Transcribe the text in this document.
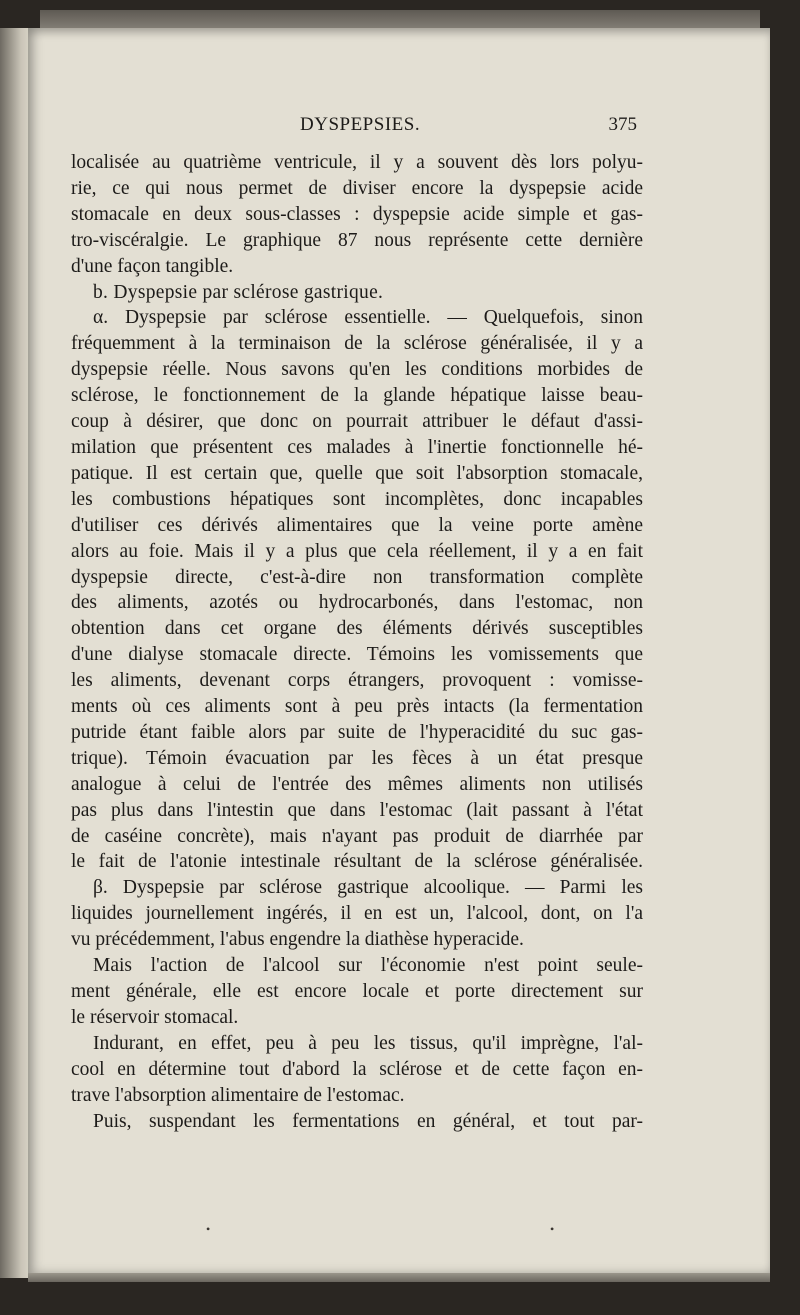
DYSPEPSIES.	375
localisée au quatrième ventricule, il y a souvent dès lors polyu-
rie, ce qui nous permet de diviser encore la dyspepsie acide
stomacale en deux sous-classes : dyspepsie acide simple et gas-
tro-viscéralgie. Le graphique 87 nous représente cette dernière
d'une façon tangible.
b. Dyspepsie par sclérose gastrique.
α. Dyspepsie par sclérose essentielle. — Quelquefois, sinon
fréquemment à la terminaison de la sclérose généralisée, il y a
dyspepsie réelle. Nous savons qu'en les conditions morbides de
sclérose, le fonctionnement de la glande hépatique laisse beau-
coup à désirer, que donc on pourrait attribuer le défaut d'assi-
milation que présentent ces malades à l'inertie fonctionnelle hé-
patique. Il est certain que, quelle que soit l'absorption stomacale,
les combustions hépatiques sont incomplètes, donc incapables
d'utiliser ces dérivés alimentaires que la veine porte amène
alors au foie. Mais il y a plus que cela réellement, il y a en fait
dyspepsie directe, c'est-à-dire non transformation complète
des aliments, azotés ou hydrocarbonés, dans l'estomac, non
obtention dans cet organe des éléments dérivés susceptibles
d'une dialyse stomacale directe. Témoins les vomissements que
les aliments, devenant corps étrangers, provoquent : vomisse-
ments où ces aliments sont à peu près intacts (la fermentation
putride étant faible alors par suite de l'hyperacidité du suc gas-
trique). Témoin évacuation par les fèces à un état presque
analogue à celui de l'entrée des mêmes aliments non utilisés
pas plus dans l'intestin que dans l'estomac (lait passant à l'état
de caséine concrète), mais n'ayant pas produit de diarrhée par
le fait de l'atonie intestinale résultant de la sclérose généralisée.
β. Dyspepsie par sclérose gastrique alcoolique. — Parmi les
liquides journellement ingérés, il en est un, l'alcool, dont, on l'a
vu précédemment, l'abus engendre la diathèse hyperacide.
Mais l'action de l'alcool sur l'économie n'est point seule-
ment générale, elle est encore locale et porte directement sur
le réservoir stomacal.
Indurant, en effet, peu à peu les tissus, qu'il imprègne, l'al-
cool en détermine tout d'abord la sclérose et de cette façon en-
trave l'absorption alimentaire de l'estomac.
Puis, suspendant les fermentations en général, et tout par-
•	•
